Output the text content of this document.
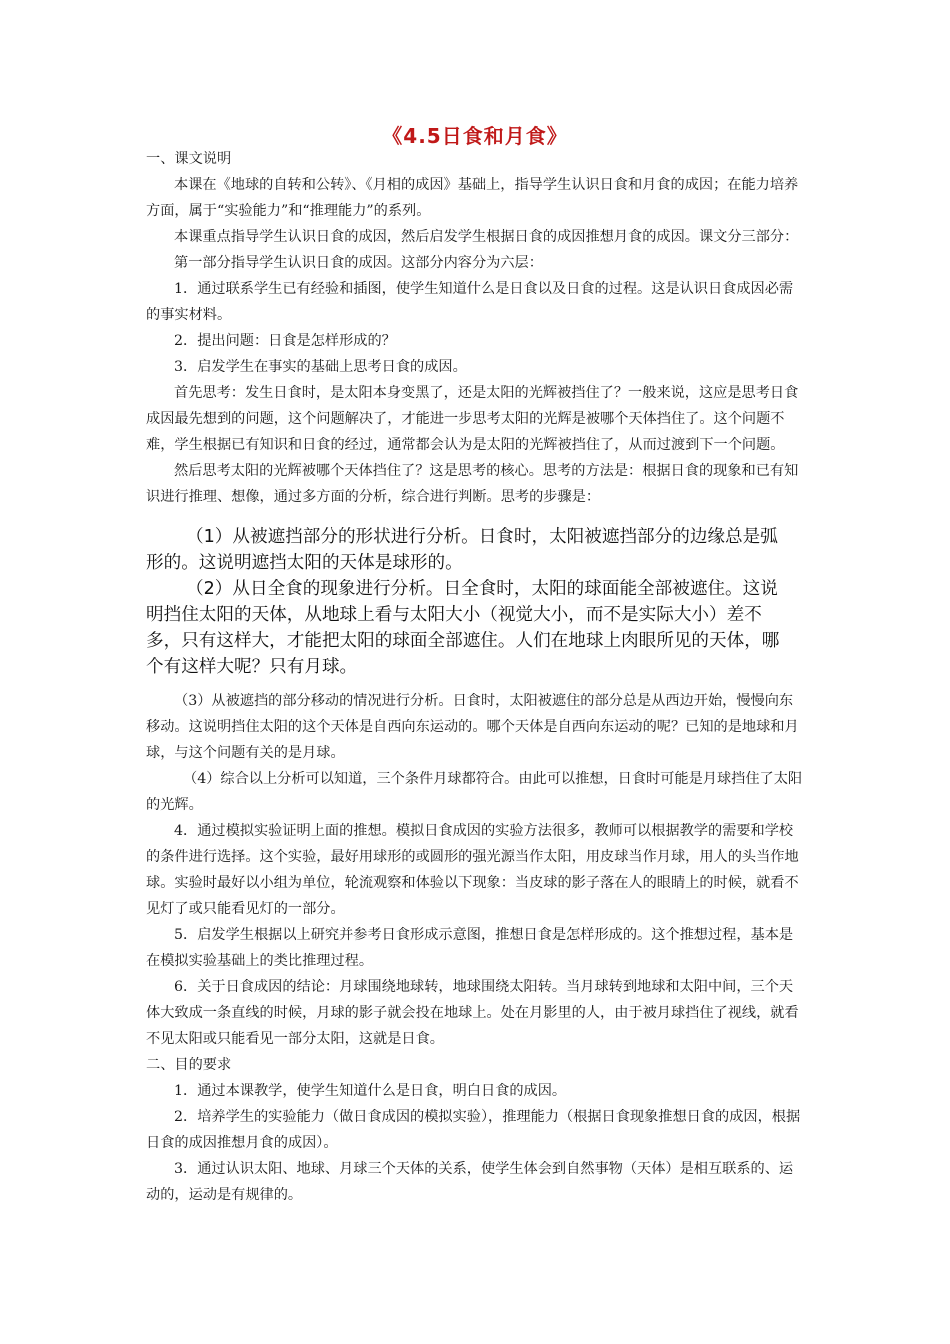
《4.5日食和月食》

一、课文说明

本课在《地球的自转和公转》、《月相的成因》基础上，指导学生认识日食和月食的成因；在能力培养方面，属于“实验能力”和“推理能力”的系列。

本课重点指导学生认识日食的成因，然后启发学生根据日食的成因推想月食的成因。课文分三部分：

第一部分指导学生认识日食的成因。这部分内容分为六层：

1．通过联系学生已有经验和插图，使学生知道什么是日食以及日食的过程。这是认识日食成因必需的事实材料。

2．提出问题：日食是怎样形成的？

3．启发学生在事实的基础上思考日食的成因。

首先思考：发生日食时，是太阳本身变黑了，还是太阳的光辉被挡住了？一般来说，这应是思考日食成因最先想到的问题，这个问题解决了，才能进一步思考太阳的光辉是被哪个天体挡住了。这个问题不难，学生根据已有知识和日食的经过，通常都会认为是太阳的光辉被挡住了，从而过渡到下一个问题。

然后思考太阳的光辉被哪个天体挡住了？这是思考的核心。思考的方法是：根据日食的现象和已有知识进行推理、想像，通过多方面的分析，综合进行判断。思考的步骤是：

（1）从被遮挡部分的形状进行分析。日食时，太阳被遮挡部分的边缘总是弧形的。这说明遮挡太阳的天体是球形的。

（2）从日全食的现象进行分析。日全食时，太阳的球面能全部被遮住。这说明挡住太阳的天体，从地球上看与太阳大小（视觉大小，而不是实际大小）差不多，只有这样大，才能把太阳的球面全部遮住。人们在地球上肉眼所见的天体，哪个有这样大呢？只有月球。

（3）从被遮挡的部分移动的情况进行分析。日食时，太阳被遮住的部分总是从西边开始，慢慢向东移动。这说明挡住太阳的这个天体是自西向东运动的。哪个天体是自西向东运动的呢？已知的是地球和月球，与这个问题有关的是月球。

（4）综合以上分析可以知道，三个条件月球都符合。由此可以推想，日食时可能是月球挡住了太阳的光辉。

4．通过模拟实验证明上面的推想。模拟日食成因的实验方法很多，教师可以根据教学的需要和学校的条件进行选择。这个实验，最好用球形的或圆形的强光源当作太阳，用皮球当作月球，用人的头当作地球。实验时最好以小组为单位，轮流观察和体验以下现象：当皮球的影子落在人的眼睛上的时候，就看不见灯了或只能看见灯的一部分。

5．启发学生根据以上研究并参考日食形成示意图，推想日食是怎样形成的。这个推想过程，基本是在模拟实验基础上的类比推理过程。

6．关于日食成因的结论：月球围绕地球转，地球围绕太阳转。当月球转到地球和太阳中间，三个天体大致成一条直线的时候，月球的影子就会投在地球上。处在月影里的人，由于被月球挡住了视线，就看不见太阳或只能看见一部分太阳，这就是日食。

二、目的要求

1．通过本课教学，使学生知道什么是日食，明白日食的成因。

2．培养学生的实验能力（做日食成因的模拟实验），推理能力（根据日食现象推想日食的成因，根据日食的成因推想月食的成因）。

3．通过认识太阳、地球、月球三个天体的关系，使学生体会到自然事物（天体）是相互联系的、运动的，运动是有规律的。
